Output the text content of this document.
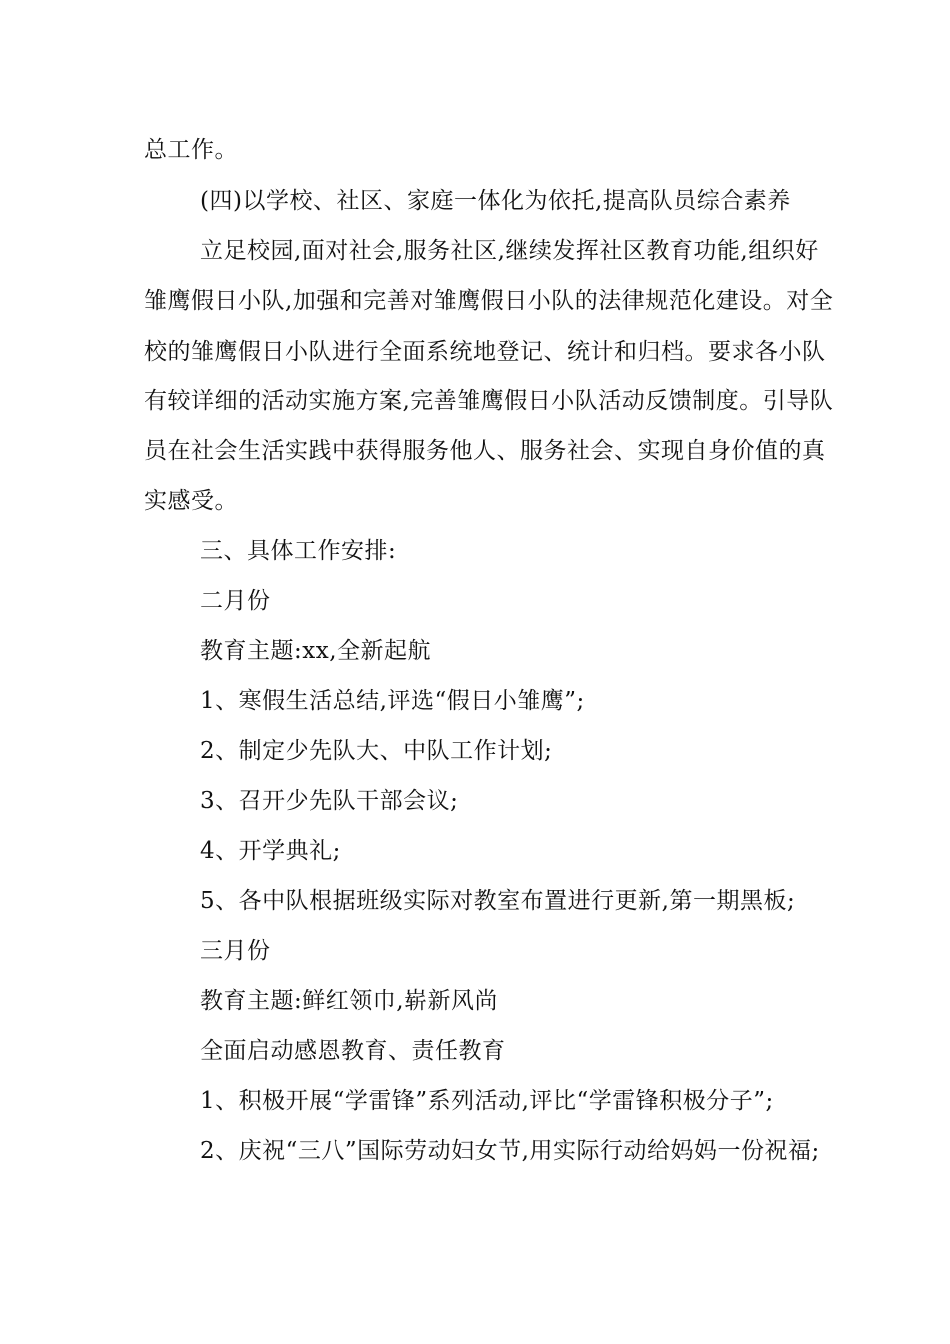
总工作。
(四)以学校、社区、家庭一体化为依托,提高队员综合素养
立足校园,面对社会,服务社区,继续发挥社区教育功能,组织好
雏鹰假日小队,加强和完善对雏鹰假日小队的法律规范化建设。对全
校的雏鹰假日小队进行全面系统地登记、统计和归档。要求各小队
有较详细的活动实施方案,完善雏鹰假日小队活动反馈制度。引导队
员在社会生活实践中获得服务他人、服务社会、实现自身价值的真
实感受。
三、具体工作安排:
二月份
教育主题:xx,全新起航
1、寒假生活总结,评选“假日小雏鹰”;
2、制定少先队大、中队工作计划;
3、召开少先队干部会议;
4、开学典礼;
5、各中队根据班级实际对教室布置进行更新,第一期黑板;
三月份
教育主题:鲜红领巾,崭新风尚
全面启动感恩教育、责任教育
1、积极开展“学雷锋”系列活动,评比“学雷锋积极分子”;
2、庆祝“三八”国际劳动妇女节,用实际行动给妈妈一份祝福;
